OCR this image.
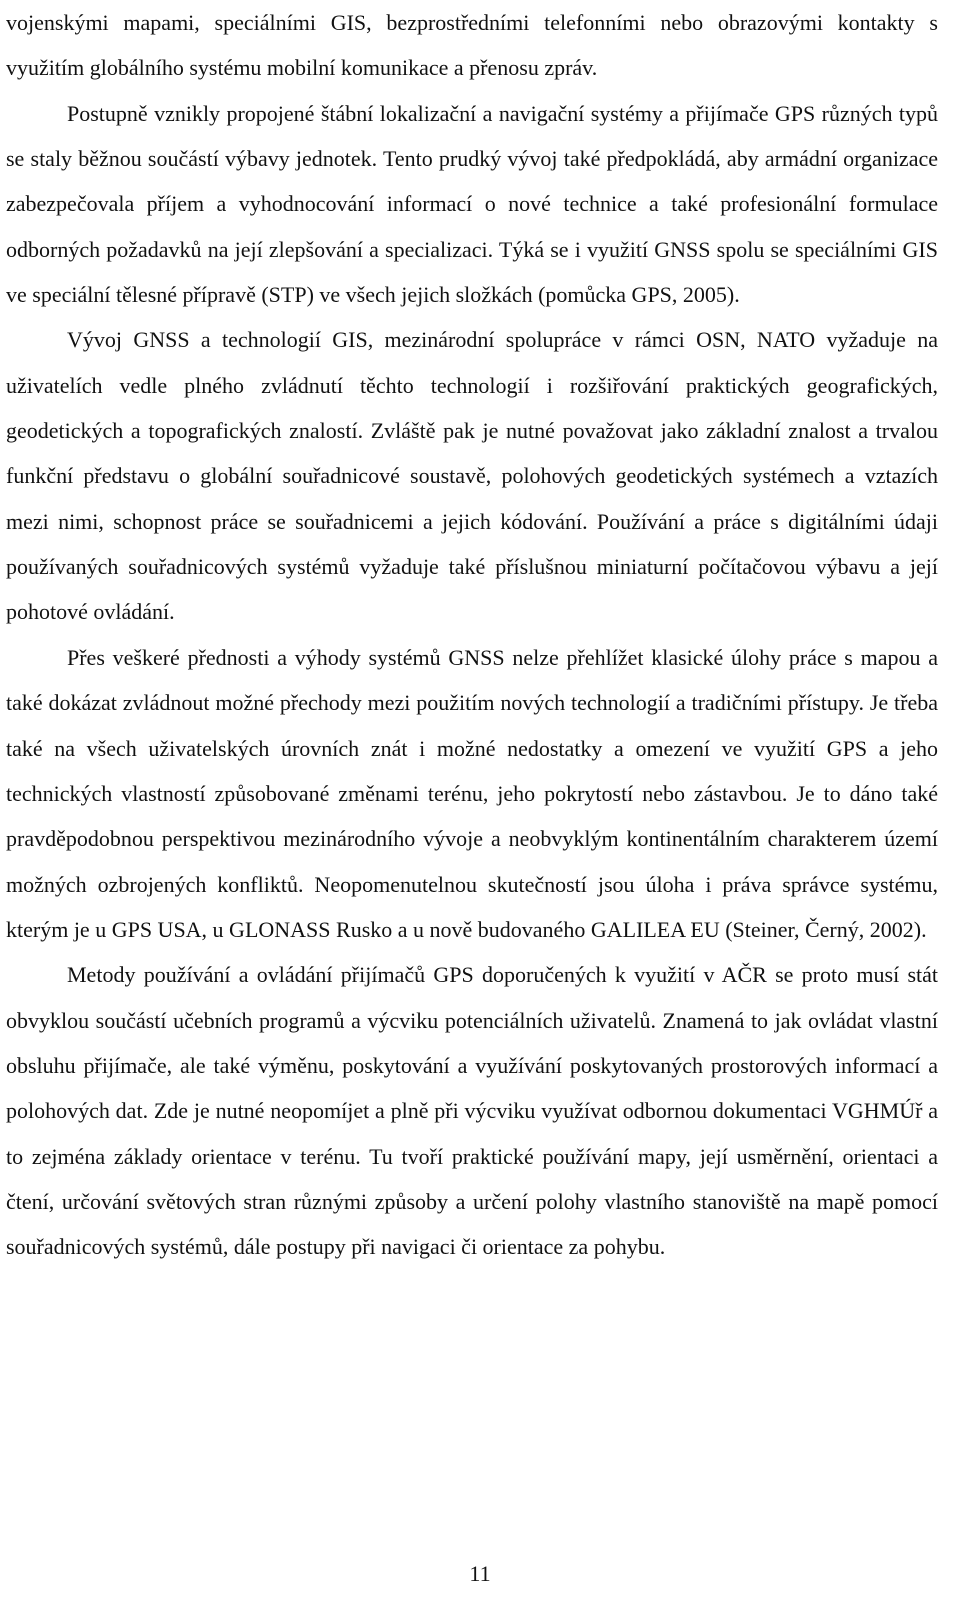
vojenskými mapami, speciálními GIS, bezprostředními telefonními nebo obrazovými kontakty s využitím globálního systému mobilní komunikace a přenosu zpráv.

Postupně vznikly propojené štábní lokalizační a navigační systémy a přijímače GPS různých typů se staly běžnou součástí výbavy jednotek. Tento prudký vývoj také předpokládá, aby armádní organizace zabezpečovala příjem a vyhodnocování informací o nové technice a také profesionální formulace odborných požadavků na její zlepšování a specializaci. Týká se i využití GNSS spolu se speciálními GIS ve speciální tělesné přípravě (STP) ve všech jejich složkách (pomůcka GPS, 2005).

Vývoj GNSS a technologií GIS, mezinárodní spolupráce v rámci OSN, NATO vyžaduje na uživatelích vedle plného zvládnutí těchto technologií i rozšiřování praktických geografických, geodetických a topografických znalostí. Zvláště pak je nutné považovat jako základní znalost a trvalou funkční představu o globální souřadnicové soustavě, polohových geodetických systémech a vztazích mezi nimi, schopnost práce se souřadnicemi a jejich kódování. Používání a práce s digitálními údaji používaných souřadnicových systémů vyžaduje také příslušnou miniaturní počítačovou výbavu a její pohotové ovládání.

Přes veškeré přednosti a výhody systémů GNSS nelze přehlížet klasické úlohy práce s mapou a také dokázat zvládnout možné přechody mezi použitím nových technologií a tradičními přístupy. Je třeba také na všech uživatelských úrovních znát i možné nedostatky a omezení ve využití GPS a jeho technických vlastností způsobované změnami terénu, jeho pokrytostí nebo zástavbou. Je to dáno také pravděpodobnou perspektivou mezinárodního vývoje a neobvyklým kontinentálním charakterem území možných ozbrojených konfliktů. Neopomenutelnou skutečností jsou úloha i práva správce systému, kterým je u GPS USA, u GLONASS Rusko a u nově budovaného GALILEA EU (Steiner, Černý, 2002).

Metody používání a ovládání přijímačů GPS doporučených k využití v AČR se proto musí stát obvyklou součástí učebních programů a výcviku potenciálních uživatelů. Znamená to jak ovládat vlastní obsluhu přijímače, ale také výměnu, poskytování a využívání poskytovaných prostorových informací a polohových dat. Zde je nutné neopomíjet a plně při výcviku využívat odbornou dokumentaci VGHMÚř a to zejména základy orientace v terénu. Tu tvoří praktické používání mapy, její usměrnění, orientaci a čtení, určování světových stran různými způsoby a určení polohy vlastního stanoviště na mapě pomocí souřadnicových systémů, dále postupy při navigaci či orientace za pohybu.

11
